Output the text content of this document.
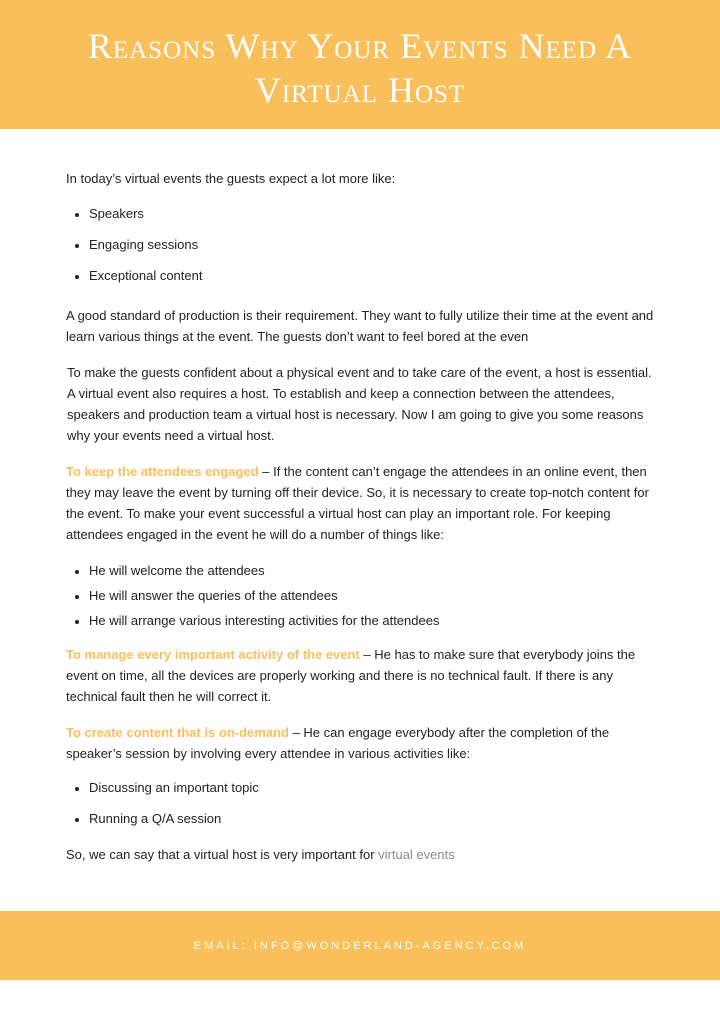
Reasons Why Your Events Need A
Virtual Host

In today’s virtual events the guests expect a lot more like:

Speakers
Engaging sessions
Exceptional content

A good standard of production is their requirement. They want to fully utilize their time at the event and learn various things at the event. The guests don’t want to feel bored at the even

To make the guests confident about a physical event and to take care of the event, a host is essential. A virtual event also requires a host. To establish and keep a connection between the attendees, speakers and production team a virtual host is necessary. Now I am going to give you some reasons why your events need a virtual host.

To keep the attendees engaged – If the content can’t engage the attendees in an online event, then they may leave the event by turning off their device. So, it is necessary to create top-notch content for the event. To make your event successful a virtual host can play an important role. For keeping attendees engaged in the event he will do a number of things like:

He will welcome the attendees
He will answer the queries of the attendees
He will arrange various interesting activities for the attendees

To manage every important activity of the event – He has to make sure that everybody joins the event on time, all the devices are properly working and there is no technical fault. If there is any technical fault then he will correct it.

To create content that is on-demand – He can engage everybody after the completion of the speaker’s session by involving every attendee in various activities like:

Discussing an important topic
Running a Q/A session

So, we can say that a virtual host is very important for virtual events

EMAIL: INFO@WONDERLAND-AGENCY.COM
